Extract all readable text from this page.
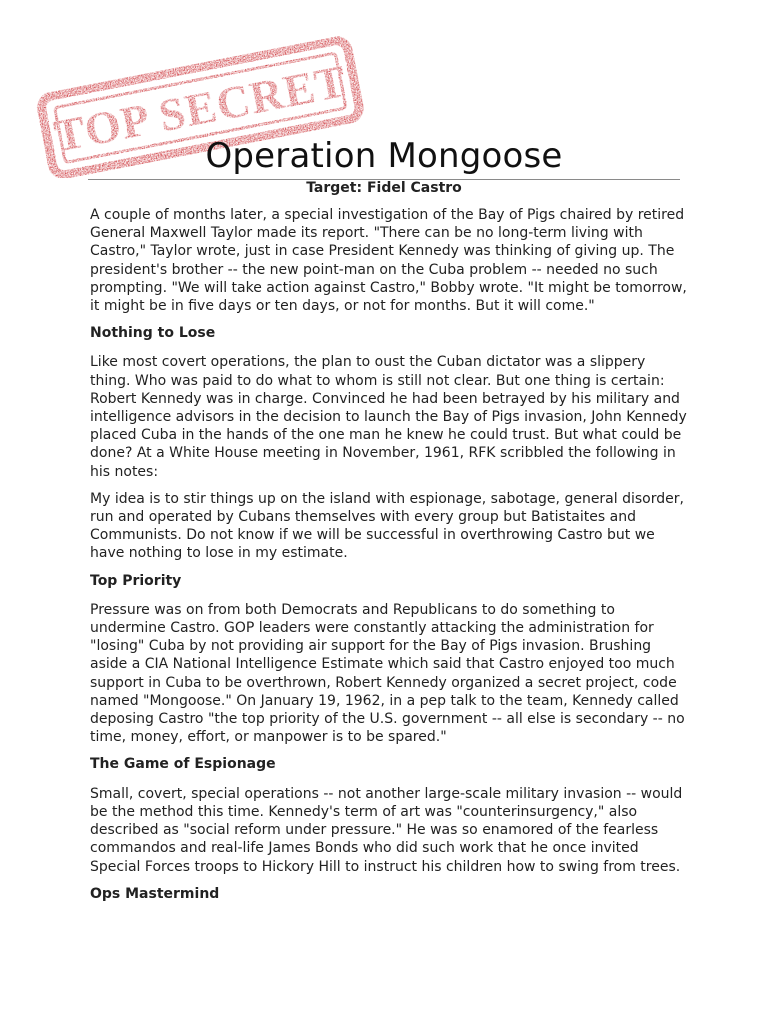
TOP SECRET
Operation Mongoose
Target: Fidel Castro

A couple of months later, a special investigation of the Bay of Pigs chaired by retired General Maxwell Taylor made its report. "There can be no long-term living with Castro," Taylor wrote, just in case President Kennedy was thinking of giving up. The president's brother -- the new point-man on the Cuba problem -- needed no such prompting. "We will take action against Castro," Bobby wrote. "It might be tomorrow, it might be in five days or ten days, or not for months. But it will come."

Nothing to Lose

Like most covert operations, the plan to oust the Cuban dictator was a slippery thing. Who was paid to do what to whom is still not clear. But one thing is certain: Robert Kennedy was in charge. Convinced he had been betrayed by his military and intelligence advisors in the decision to launch the Bay of Pigs invasion, John Kennedy placed Cuba in the hands of the one man he knew he could trust. But what could be done? At a White House meeting in November, 1961, RFK scribbled the following in his notes:

My idea is to stir things up on the island with espionage, sabotage, general disorder, run and operated by Cubans themselves with every group but Batistaites and Communists. Do not know if we will be successful in overthrowing Castro but we have nothing to lose in my estimate.

Top Priority

Pressure was on from both Democrats and Republicans to do something to undermine Castro. GOP leaders were constantly attacking the administration for "losing" Cuba by not providing air support for the Bay of Pigs invasion. Brushing aside a CIA National Intelligence Estimate which said that Castro enjoyed too much support in Cuba to be overthrown, Robert Kennedy organized a secret project, code named "Mongoose." On January 19, 1962, in a pep talk to the team, Kennedy called deposing Castro "the top priority of the U.S. government -- all else is secondary -- no time, money, effort, or manpower is to be spared."

The Game of Espionage

Small, covert, special operations -- not another large-scale military invasion -- would be the method this time. Kennedy's term of art was "counterinsurgency," also described as "social reform under pressure." He was so enamored of the fearless commandos and real-life James Bonds who did such work that he once invited Special Forces troops to Hickory Hill to instruct his children how to swing from trees.

Ops Mastermind
